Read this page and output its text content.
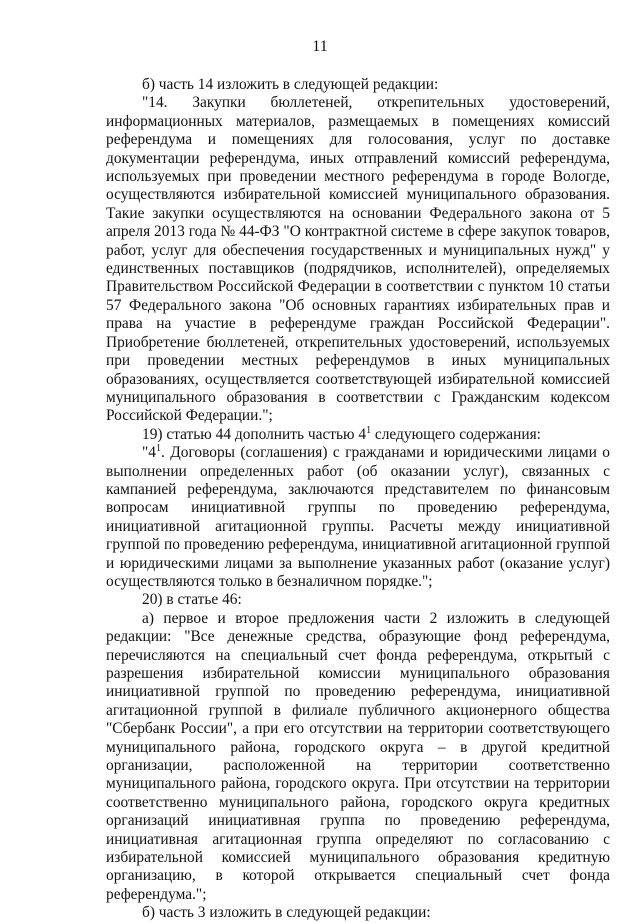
11

б) часть 14 изложить в следующей редакции:

"14. Закупки бюллетеней, открепительных удостоверений, информационных материалов, размещаемых в помещениях комиссий референдума и помещениях для голосования, услуг по доставке документации референдума, иных отправлений комиссий референдума, используемых при проведении местного референдума в городе Вологде, осуществляются избирательной комиссией муниципального образования. Такие закупки осуществляются на основании Федерального закона от 5 апреля 2013 года № 44-ФЗ "О контрактной системе в сфере закупок товаров, работ, услуг для обеспечения государственных и муниципальных нужд" у единственных поставщиков (подрядчиков, исполнителей), определяемых Правительством Российской Федерации в соответствии с пунктом 10 статьи 57 Федерального закона "Об основных гарантиях избирательных прав и права на участие в референдуме граждан Российской Федерации". Приобретение бюллетеней, открепительных удостоверений, используемых при проведении местных референдумов в иных муниципальных образованиях, осуществляется соответствующей избирательной комиссией муниципального образования в соответствии с Гражданским кодексом Российской Федерации.";

19) статью 44 дополнить частью $4^1$ следующего содержания:

"$4^1$. Договоры (соглашения) с гражданами и юридическими лицами о выполнении определенных работ (об оказании услуг), связанных с кампанией референдума, заключаются представителем по финансовым вопросам инициативной группы по проведению референдума, инициативной агитационной группы. Расчеты между инициативной группой по проведению референдума, инициативной агитационной группой и юридическими лицами за выполнение указанных работ (оказание услуг) осуществляются только в безналичном порядке.";

20) в статье 46:

а) первое и второе предложения части 2 изложить в следующей редакции: "Все денежные средства, образующие фонд референдума, перечисляются на специальный счет фонда референдума, открытый с разрешения избирательной комиссии муниципального образования инициативной группой по проведению референдума, инициативной агитационной группой в филиале публичного акционерного общества "Сбербанк России", а при его отсутствии на территории соответствующего муниципального района, городского округа – в другой кредитной организации, расположенной на территории соответственно муниципального района, городского округа. При отсутствии на территории соответственно муниципального района, городского округа кредитных организаций инициативная группа по проведению референдума, инициативная агитационная группа определяют по согласованию с избирательной комиссией муниципального образования кредитную организацию, в которой открывается специальный счет фонда референдума.";

б) часть 3 изложить в следующей редакции:
